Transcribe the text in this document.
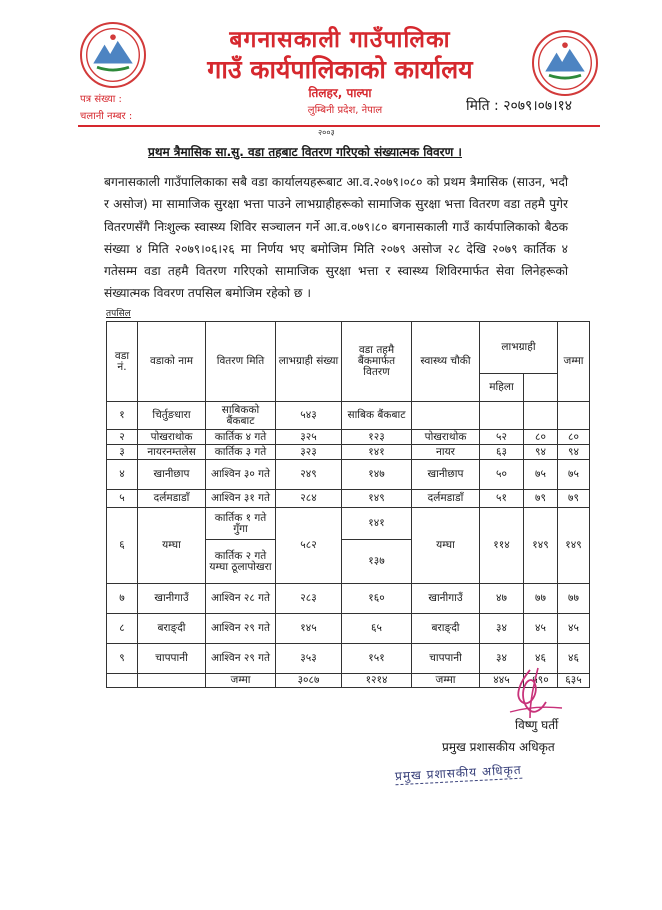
बगनासकाली गाउँपालिका
गाउँ कार्यपालिकाको कार्यालय
तिलहर, पाल्पा
लुम्बिनी प्रदेश, नेपाल
पत्र संख्या :
चलानी नम्बर :
मिति : २०७९।०७।१४
२००३
प्रथम त्रैमासिक सा.सु. वडा तहबाट वितरण गरिएको संख्यात्मक विवरण ।
बगनासकाली गाउँपालिकाका सबै वडा कार्यालयहरूबाट आ.व.२०७९।०८० को प्रथम त्रैमासिक (साउन, भदौ र असोज) मा सामाजिक सुरक्षा भत्ता पाउने लाभग्राहीहरूको सामाजिक सुरक्षा भत्ता वितरण वडा तहमै पुगेर वितरणसँगै निःशुल्क स्वास्थ्य शिविर सञ्चालन गर्ने आ.व.०७९।८० बगनासकाली गाउँ कार्यपालिकाको बैठक संख्या ४ मिति २०७९।०६।२६ मा निर्णय भए बमोजिम मिति २०७९ असोज २८ देखि २०७९ कार्तिक ४ गतेसम्म वडा तहमै वितरण गरिएको सामाजिक सुरक्षा भत्ता र स्वास्थ्य शिविरमार्फत सेवा लिनेहरूको संख्यात्मक विवरण तपसिल बमोजिम रहेको छ ।
तपसिल
वडा नं.	वडाको नाम	वितरण मिति	लाभग्राही संख्या	वडा तहमै बैंकमार्फत वितरण	स्वास्थ्य चौकी	लाभग्राही		जम्मा
						महिला		
१	चिर्तुङधारा	साबिकको बैंकबाट	५४३	साबिक बैंकबाट				
२	पोखराथोक	कार्तिक ४ गते	३२५	१२३	पोखराथोक	५२	८०	८०
३	नायरनम्तलेस	कार्तिक ३ गते	३२३	१४१	नायर	६३	९४	९४
४	खानीछाप	आश्विन ३० गते	२४९	१४७	खानीछाप	५०	७५	७५
५	दर्लमडाडाँ	आश्विन ३१ गते	२८४	१४९	दर्लमडाडाँ	५१	७९	७९
६	यम्घा	कार्तिक १ गते गुँगा	५८२	१४१	यम्घा	११४	१४९	१४९
		कार्तिक २ गते यम्घा ठूलापोखरा		१३७				
७	खानीगाउँ	आश्विन २८ गते	२८३	१६०	खानीगाउँ	४७	७७	७७
८	बराङ्दी	आश्विन २९ गते	१४५	६५	बराङ्दी	३४	४५	४५
९	चापपानी	आश्विन २९ गते	३५३	१५१	चापपानी	३४	४६	४६
		जम्मा	३०८७	१२१४	जम्मा	४४५	५९०	६३५
विष्णु घर्ती
प्रमुख प्रशासकीय अधिकृत
प्रमुख प्रशासकीय अधिकृत
